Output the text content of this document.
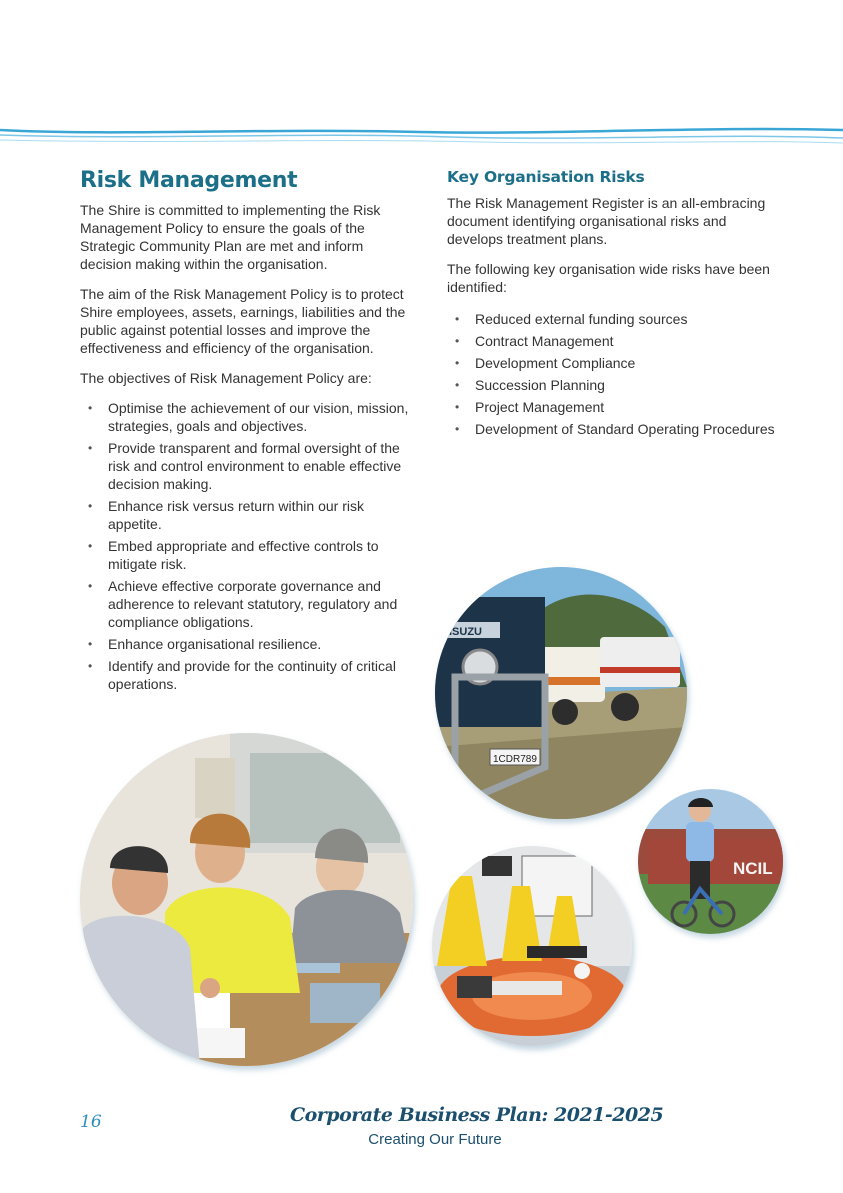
Risk Management

The Shire is committed to implementing the Risk Management Policy to ensure the goals of the Strategic Community Plan are met and inform decision making within the organisation.

The aim of the Risk Management Policy is to protect Shire employees, assets, earnings, liabilities and the public against potential losses and improve the effectiveness and efficiency of the organisation.

The objectives of Risk Management Policy are:

• Optimise the achievement of our vision, mission, strategies, goals and objectives.
• Provide transparent and formal oversight of the risk and control environment to enable effective decision making.
• Enhance risk versus return within our risk appetite.
• Embed appropriate and effective controls to mitigate risk.
• Achieve effective corporate governance and adherence to relevant statutory, regulatory and compliance obligations.
• Enhance organisational resilience.
• Identify and provide for the continuity of critical operations.
Key Organisation Risks

The Risk Management Register is an all-embracing document identifying organisational risks and develops treatment plans.

The following key organisation wide risks have been identified:

• Reduced external funding sources
• Contract Management
• Development Compliance
• Succession Planning
• Project Management
• Development of Standard Operating Procedures
ISUZU
1CDR789
NCIL
16	Corporate Business Plan: 2021-2025
Creating Our Future
